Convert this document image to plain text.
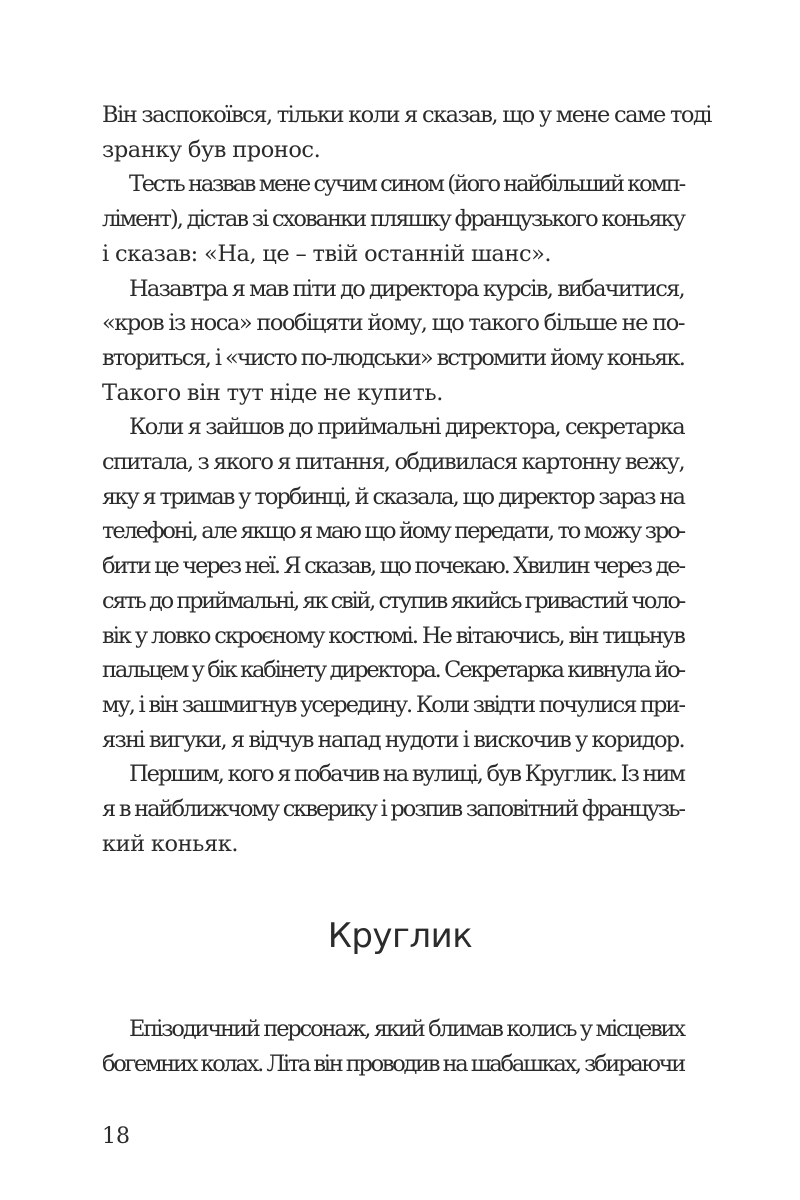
Він заспокоївся, тільки коли я сказав, що у мене саме тоді
зранку був пронос.

Тесть назвав мене сучим сином (його найбільший комп-
лімент), дістав зі схованки пляшку французького коньяку
і сказав: «На, це – твій останній шанс».

Назавтра я мав піти до директора курсів, вибачитися,
«кров із носа» пообіцяти йому, що такого більше не по-
вториться, і «чисто по-людськи» встромити йому коньяк.
Такого він тут ніде не купить.

Коли я зайшов до приймальні директора, секретарка
спитала, з якого я питання, обдивилася картонну вежу,
яку я тримав у торбинці, й сказала, що директор зараз на
телефоні, але якщо я маю що йому передати, то можу зро-
бити це через неї. Я сказав, що почекаю. Хвилин через де-
сять до приймальні, як свій, ступив якийсь гривастий чоло-
вік у ловко скроєному костюмі. Не вітаючись, він тицьнув
пальцем у бік кабінету директора. Секретарка кивнула йо-
му, і він зашмигнув усередину. Коли звідти почулися при-
язні вигуки, я відчув напад нудоти і вискочив у коридор.

Першим, кого я побачив на вулиці, був Круглик. Із ним
я в найближчому скверику і розпив заповітний французь-
кий коньяк.

Круглик

Епізодичний персонаж, який блимав колись у місцевих
богемних колах. Літа він проводив на шабашках, збираючи

18
